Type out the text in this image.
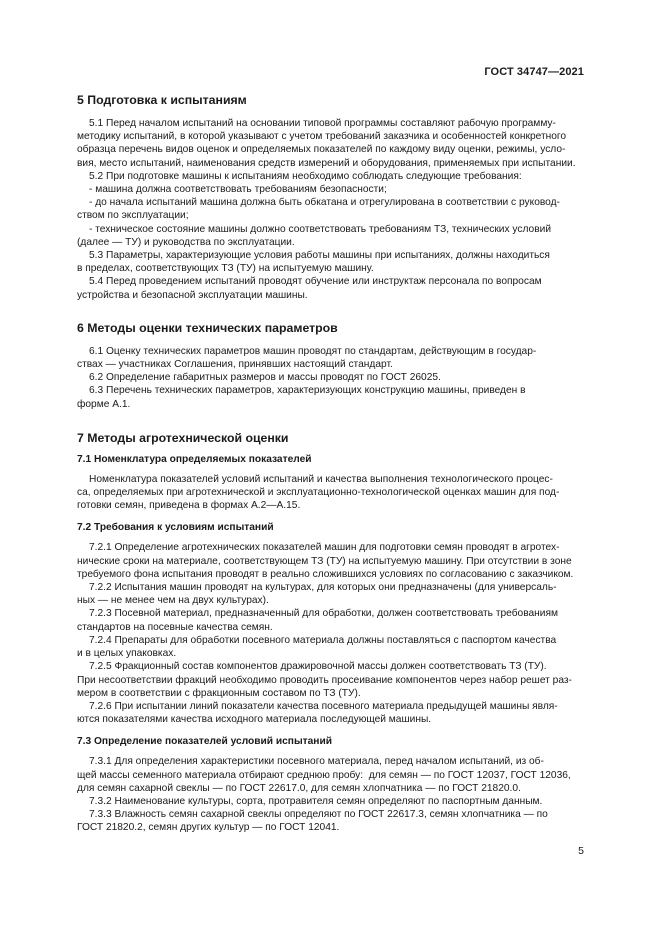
ГОСТ 34747—2021
5 Подготовка к испытаниям

5.1 Перед началом испытаний на основании типовой программы составляют рабочую программу-

методику испытаний, в которой указывают с учетом требований заказчика и особенностей конкретного

образца перечень видов оценок и определяемых показателей по каждому виду оценки, режимы, усло-

вия, место испытаний, наименования средств измерений и оборудования, применяемых при испытании.

5.2 При подготовке машины к испытаниям необходимо соблюдать следующие требования:

- машина должна соответствовать требованиям безопасности;

- до начала испытаний машина должна быть обкатана и отрегулирована в соответствии с руковод-

ством по эксплуатации;

- техническое состояние машины должно соответствовать требованиям ТЗ, технических условий

(далее — ТУ) и руководства по эксплуатации.

5.3 Параметры, характеризующие условия работы машины при испытаниях, должны находиться

в пределах, соответствующих ТЗ (ТУ) на испытуемую машину.

5.4 Перед проведением испытаний проводят обучение или инструктаж персонала по вопросам

устройства и безопасной эксплуатации машины.

6 Методы оценки технических параметров

6.1 Оценку технических параметров машин проводят по стандартам, действующим в государ-

ствах — участниках Соглашения, принявших настоящий стандарт.

6.2 Определение габаритных размеров и массы проводят по ГОСТ 26025.

6.3 Перечень технических параметров, характеризующих конструкцию машины, приведен в

форме А.1.

7 Методы агротехнической оценки
7.1 Номенклатура определяемых показателей

Номенклатура показателей условий испытаний и качества выполнения технологического процес-

са, определяемых при агротехнической и эксплуатационно-технологической оценках машин для под-

готовки семян, приведена в формах А.2—А.15.

7.2 Требования к условиям испытаний

7.2.1 Определение агротехнических показателей машин для подготовки семян проводят в агротех-

нические сроки на материале, соответствующем ТЗ (ТУ) на испытуемую машину. При отсутствии в зоне

требуемого фона испытания проводят в реально сложившихся условиях по согласованию с заказчиком.

7.2.2 Испытания машин проводят на культурах, для которых они предназначены (для универсаль-

ных — не менее чем на двух культурах).

7.2.3 Посевной материал, предназначенный для обработки, должен соответствовать требованиям

стандартов на посевные качества семян.

7.2.4 Препараты для обработки посевного материала должны поставляться с паспортом качества

и в целых упаковках.

7.2.5 Фракционный состав компонентов дражировочной массы должен соответствовать ТЗ (ТУ).

При несоответствии фракций необходимо проводить просеивание компонентов через набор решет раз-

мером в соответствии с фракционным составом по ТЗ (ТУ).

7.2.6 При испытании линий показатели качества посевного материала предыдущей машины явля-

ются показателями качества исходного материала последующей машины.

7.3 Определение показателей условий испытаний

7.3.1 Для определения характеристики посевного материала, перед началом испытаний, из об-

щей массы семенного материала отбирают среднюю пробу:  для семян — по ГОСТ 12037, ГОСТ 12036,

для семян сахарной свеклы — по ГОСТ 22617.0, для семян хлопчатника — по ГОСТ 21820.0.

7.3.2 Наименование культуры, сорта, протравителя семян определяют по паспортным данным.

7.3.3 Влажность семян сахарной свеклы определяют по ГОСТ 22617.3, семян хлопчатника — по

ГОСТ 21820.2, семян других культур — по ГОСТ 12041.

5
